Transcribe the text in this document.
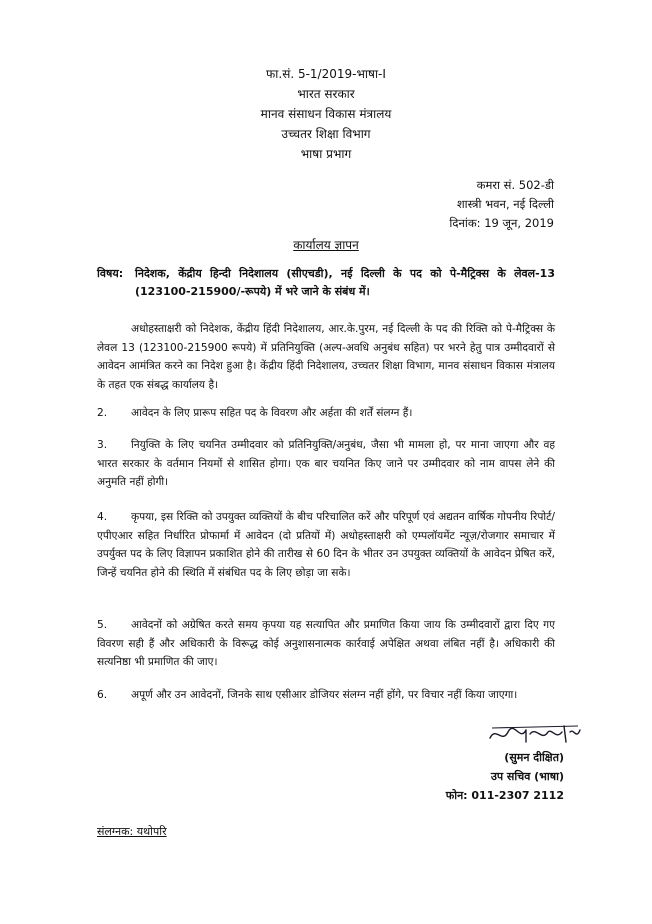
फा.सं. 5-1/2019-भाषा-I
भारत सरकार
मानव संसाधन विकास मंत्रालय
उच्चतर शिक्षा विभाग
भाषा प्रभाग
कमरा सं. 502-डी
शास्त्री भवन, नई दिल्ली
दिनांक: 19 जून, 2019
कार्यालय ज्ञापन
विषय: निदेशक, केंद्रीय हिन्दी निदेशालय (सीएचडी), नई दिल्ली के पद को पे-मैट्रिक्स के लेवल-13 (123100-215900/-रूपये) में भरे जाने के संबंध में।
अधोहस्ताक्षरी को निदेशक, केंद्रीय हिंदी निदेशालय, आर.के.पुरम, नई दिल्ली के पद की रिक्ति को पे-मैट्रिक्स के लेवल 13 (123100-215900 रूपये) में प्रतिनियुक्ति (अल्प-अवधि अनुबंध सहित) पर भरने हेतु पात्र उम्मीदवारों से आवेदन आमंत्रित करने का निदेश हुआ है। केंद्रीय हिंदी निदेशालय, उच्चतर शिक्षा विभाग, मानव संसाधन विकास मंत्रालय के तहत एक संबद्ध कार्यालय है।
2. आवेदन के लिए प्रारूप सहित पद के विवरण और अर्हता की शर्तें संलग्न हैं।
3. नियुक्ति के लिए चयनित उम्मीदवार को प्रतिनियुक्ति/अनुबंध, जैसा भी मामला हो, पर माना जाएगा और वह भारत सरकार के वर्तमान नियमों से शासित होगा। एक बार चयनित किए जाने पर उम्मीदवार को नाम वापस लेने की अनुमति नहीं होगी।
4. कृपया, इस रिक्ति को उपयुक्त व्यक्तियों के बीच परिचालित करें और परिपूर्ण एवं अद्यतन वार्षिक गोपनीय रिपोर्ट/एपीएआर सहित निर्धारित प्रोफार्मा में आवेदन (दो प्रतियों में) अधोहस्ताक्षरी को एम्पलॉयमेंट न्यूज़/रोजगार समाचार में उपर्युक्त पद के लिए विज्ञापन प्रकाशित होने की तारीख से 60 दिन के भीतर उन उपयुक्त व्यक्तियों के आवेदन प्रेषित करें, जिन्हें चयनित होने की स्थिति में संबंधित पद के लिए छोड़ा जा सके।
5. आवेदनों को अग्रेषित करते समय कृपया यह सत्यापित और प्रमाणित किया जाय कि उम्मीदवारों द्वारा दिए गए विवरण सही हैं और अधिकारी के विरूद्ध कोई अनुशासनात्मक कार्रवाई अपेक्षित अथवा लंबित नहीं है। अधिकारी की सत्यनिष्ठा भी प्रमाणित की जाए।
6. अपूर्ण और उन आवेदनों, जिनके साथ एसीआर डोजियर संलग्न नहीं होंगे, पर विचार नहीं किया जाएगा।
(सुमन दीक्षित)
उप सचिव (भाषा)
फोन: 011-2307 2112
संलग्नक: यथोपरि
